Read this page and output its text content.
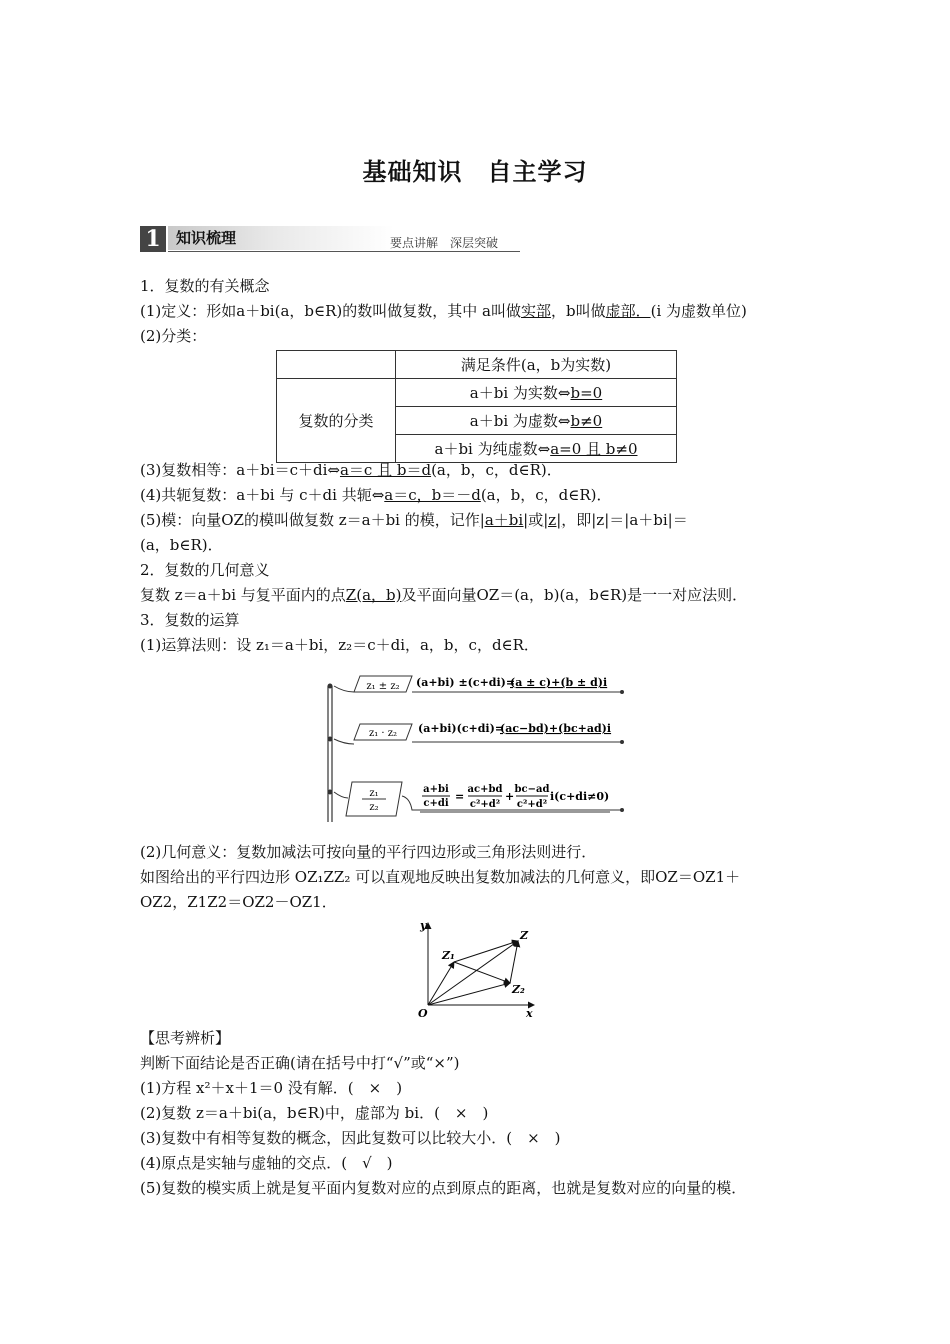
基础知识　自主学习
1	知识梳理	要点讲解　深层突破
1．复数的有关概念
(1)定义：形如a＋bi(a，b∈R)的数叫做复数，其中 a叫做实部，b叫做虚部．(i 为虚数单位)
(2)分类：
	满足条件(a，b为实数)
复数的分类	a＋bi 为实数⇔b=0
	a＋bi 为虚数⇔b≠0
	a＋bi 为纯虚数⇔a=0 且 b≠0
(3)复数相等：a＋bi＝c＋di⇔a＝c 且 b＝d(a，b，c，d∈R)．
(4)共轭复数：a＋bi 与 c＋di 共轭⇔a＝c，b＝－d(a，b，c，d∈R)．
(5)模：向量OZ的模叫做复数 z＝a＋bi 的模，记作|a＋bi|或|z|，即|z|＝|a＋bi|＝
(a，b∈R)．
2．复数的几何意义
复数 z＝a＋bi 与复平面内的点Z(a，b)及平面向量OZ＝(a，b)(a，b∈R)是一一对应法则．
3．复数的运算
(1)运算法则：设 z₁＝a＋bi，z₂＝c＋di，a，b，c，d∈R．
z₁ ± z₂ (a+bi) ±(c+di)=
(a ± c)+(b ± d)i
z₁ · z₂ (a+bi)(c+di)=
(ac−bd)+(bc+ad)i
z₁
z₂
a+bi
c+di
=
ac+bd
c²+d²
+
bc−ad
c²+d²
i(c+di≠0)
(2)几何意义：复数加减法可按向量的平行四边形或三角形法则进行．
如图给出的平行四边形 OZ₁ZZ₂ 可以直观地反映出复数加减法的几何意义，即OZ＝OZ1＋
OZ2，Z1Z2＝OZ2－OZ1．
y
x
O
Z
Z₁
Z₂
【思考辨析】
判断下面结论是否正确(请在括号中打“√”或“×”)
(1)方程 x²＋x＋1＝0 没有解．(　×　)
(2)复数 z＝a＋bi(a，b∈R)中，虚部为 bi．(　×　)
(3)复数中有相等复数的概念，因此复数可以比较大小．(　×　)
(4)原点是实轴与虚轴的交点．(　√　)
(5)复数的模实质上就是复平面内复数对应的点到原点的距离，也就是复数对应的向量的模．
